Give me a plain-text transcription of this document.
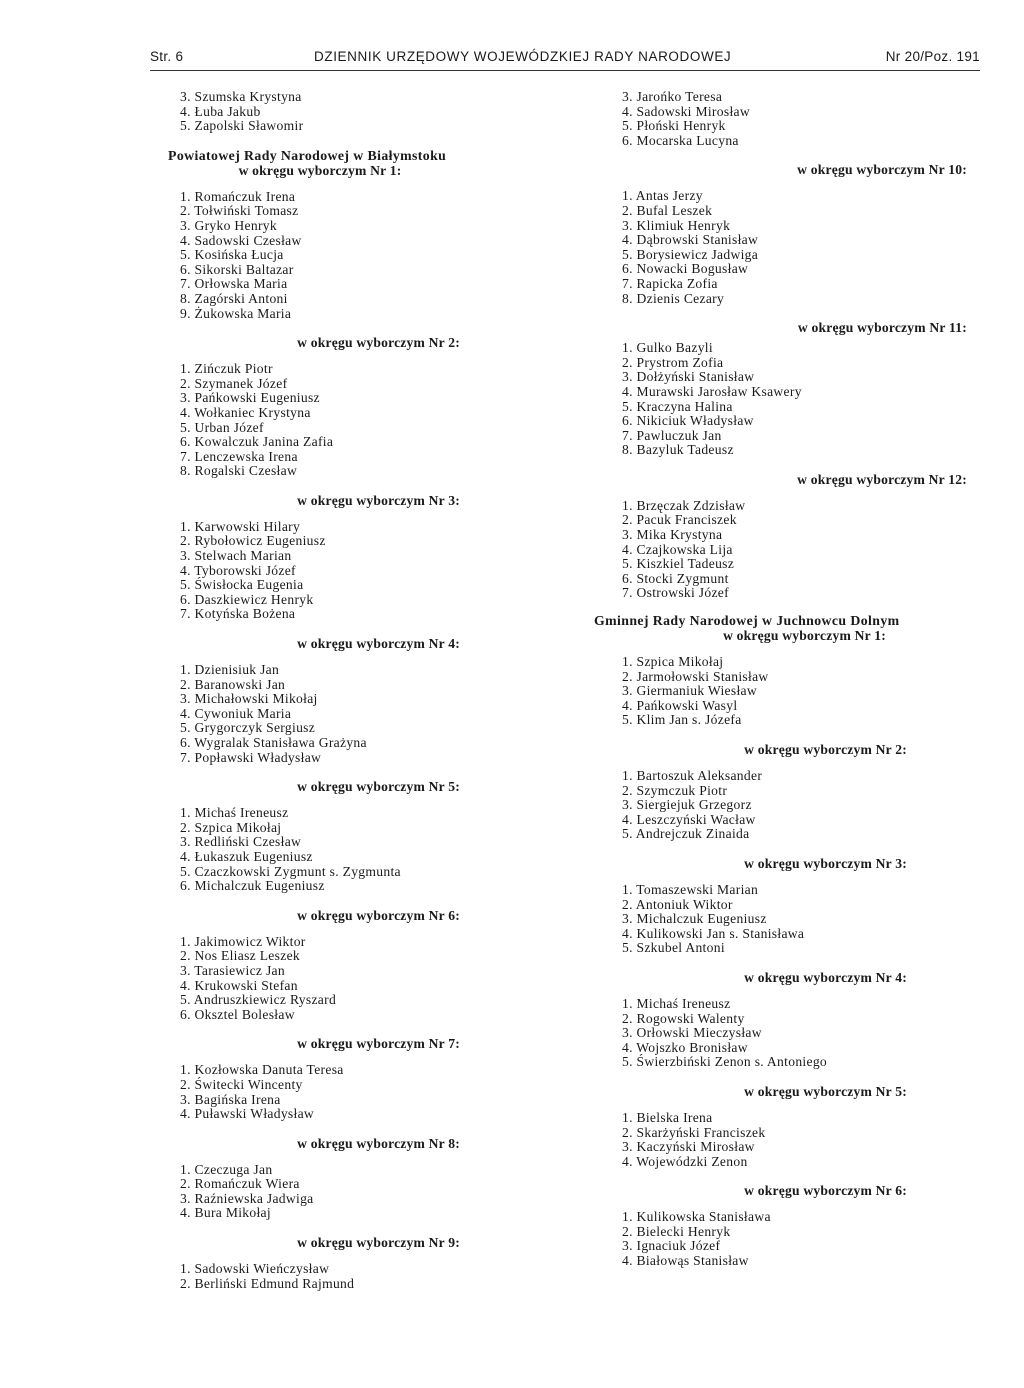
Str. 6	DZIENNIK URZĘDOWY WOJEWÓDZKIEJ RADY NARODOWEJ	Nr 20/Poz. 191
3. Szumska Krystyna
4. Łuba Jakub
5. Zapolski Sławomir
Powiatowej Rady Narodowej w Białymstoku
w okręgu wyborczym Nr 1:
1. Romańczuk Irena
2. Tołwiński Tomasz
3. Gryko Henryk
4. Sadowski Czesław
5. Kosińska Łucja
6. Sikorski Baltazar
7. Orłowska Maria
8. Zagórski Antoni
9. Żukowska Maria
w okręgu wyborczym Nr 2:
1. Zińczuk Piotr
2. Szymanek Józef
3. Pańkowski Eugeniusz
4. Wołkaniec Krystyna
5. Urban Józef
6. Kowalczuk Janina Zafia
7. Lenczewska Irena
8. Rogalski Czesław
w okręgu wyborczym Nr 3:
1. Karwowski Hilary
2. Rybołowicz Eugeniusz
3. Stelwach Marian
4. Tyborowski Józef
5. Świsłocka Eugenia
6. Daszkiewicz Henryk
7. Kotyńska Bożena
w okręgu wyborczym Nr 4:
1. Dzienisiuk Jan
2. Baranowski Jan
3. Michałowski Mikołaj
4. Cywoniuk Maria
5. Grygorczyk Sergiusz
6. Wygralak Stanisława Grażyna
7. Popławski Władysław
w okręgu wyborczym Nr 5:
1. Michaś Ireneusz
2. Szpica Mikołaj
3. Redliński Czesław
4. Łukaszuk Eugeniusz
5. Czaczkowski Zygmunt s. Zygmunta
6. Michalczuk Eugeniusz
w okręgu wyborczym Nr 6:
1. Jakimowicz Wiktor
2. Nos Eliasz Leszek
3. Tarasiewicz Jan
4. Krukowski Stefan
5. Andruszkiewicz Ryszard
6. Oksztel Bolesław
w okręgu wyborczym Nr 7:
1. Kozłowska Danuta Teresa
2. Świtecki Wincenty
3. Bagińska Irena
4. Puławski Władysław
w okręgu wyborczym Nr 8:
1. Czeczuga Jan
2. Romańczuk Wiera
3. Raźniewska Jadwiga
4. Bura Mikołaj
w okręgu wyborczym Nr 9:
1. Sadowski Wieńczysław
2. Berliński Edmund Rajmund
3. Jarońko Teresa
4. Sadowski Mirosław
5. Płoński Henryk
6. Mocarska Lucyna
w okręgu wyborczym Nr 10:
1. Antas Jerzy
2. Bufal Leszek
3. Klimiuk Henryk
4. Dąbrowski Stanisław
5. Borysiewicz Jadwiga
6. Nowacki Bogusław
7. Rapicka Zofia
8. Dzienis Cezary
w okręgu wyborczym Nr 11:
1. Gulko Bazyli
2. Prystrom Zofia
3. Dołżyński Stanisław
4. Murawski Jarosław Ksawery
5. Kraczyna Halina
6. Nikiciuk Władysław
7. Pawluczuk Jan
8. Bazyluk Tadeusz
w okręgu wyborczym Nr 12:
1. Brzęczak Zdzisław
2. Pacuk Franciszek
3. Mika Krystyna
4. Czajkowska Lija
5. Kiszkiel Tadeusz
6. Stocki Zygmunt
7. Ostrowski Józef
Gminnej Rady Narodowej w Juchnowcu Dolnym
w okręgu wyborczym Nr 1:
1. Szpica Mikołaj
2. Jarmołowski Stanisław
3. Giermaniuk Wiesław
4. Pańkowski Wasyl
5. Klim Jan s. Józefa
w okręgu wyborczym Nr 2:
1. Bartoszuk Aleksander
2. Szymczuk Piotr
3. Siergiejuk Grzegorz
4. Leszczyński Wacław
5. Andrejczuk Zinaida
w okręgu wyborczym Nr 3:
1. Tomaszewski Marian
2. Antoniuk Wiktor
3. Michalczuk Eugeniusz
4. Kulikowski Jan s. Stanisława
5. Szkubel Antoni
w okręgu wyborczym Nr 4:
1. Michaś Ireneusz
2. Rogowski Walenty
3. Orłowski Mieczysław
4. Wojszko Bronisław
5. Świerzbiński Zenon s. Antoniego
w okręgu wyborczym Nr 5:
1. Bielska Irena
2. Skarżyński Franciszek
3. Kaczyński Mirosław
4. Wojewódzki Zenon
w okręgu wyborczym Nr 6:
1. Kulikowska Stanisława
2. Bielecki Henryk
3. Ignaciuk Józef
4. Białowąs Stanisław
